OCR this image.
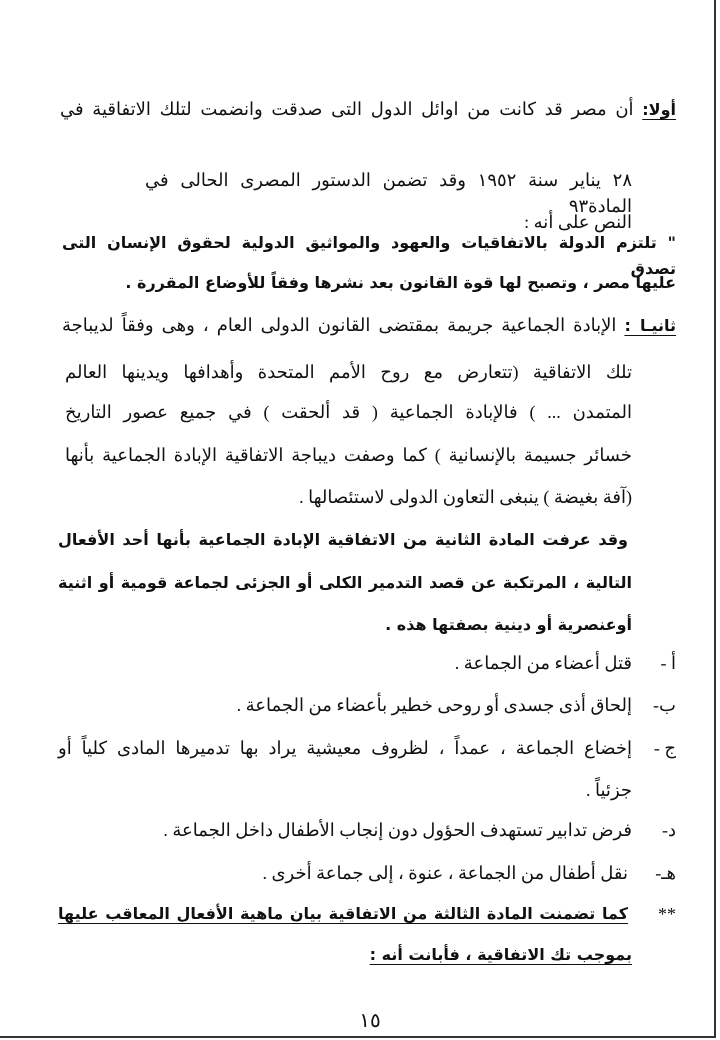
أولا: أن مصر قد كانت من اوائل الدول التى صدقت وانضمت لتلك الاتفاقية في
٢٨ يناير سنة ١٩٥٢ وقد تضمن الدستور المصرى الحالى في المادة٩٣
النص على أنه :
" تلتزم الدولة بالاتفاقيات والعهود والمواثيق الدولية لحقوق الإنسان التى تصدق
عليها مصر ، وتصبح لها قوة القانون بعد نشرها وفقاً للأوضاع المقررة .
ثانيـا : الإبادة الجماعية جريمة بمقتضى القانون الدولى العام ، وهى وفقاً لديباجة
تلك الاتفاقية (تتعارض مع روح الأمم المتحدة وأهدافها ويدينها العالم
المتمدن ... ) فالإبادة الجماعية ( قد ألحقت ) في جميع عصور التاريخ
خسائر جسيمة بالإنسانية ) كما وصفت ديباجة الاتفاقية الإبادة الجماعية بأنها
(آفة بغيضة ) ينبغى التعاون الدولى لاستئصالها .
وقد عرفت المادة الثانية من الاتفاقية الإبادة الجماعية بأنها أحد الأفعال
التالية ، المرتكبة عن قصد التدمير الكلى أو الجزئى لجماعة قومية أو اثنية
أوعنصرية أو دينية بصفتها هذه .
أ -
قتل أعضاء من الجماعة .
ب-
إلحاق أذى جسدى أو روحى خطير بأعضاء من الجماعة .
ج -
إخضاع الجماعة ، عمداً ، لظروف معيشية يراد بها تدميرها المادى كلياً أو
جزئياً .
د-
فرض تدابير تستهدف الحؤول دون إنجاب الأطفال داخل الجماعة .
هـ-
نقل أطفال من الجماعة ، عنوة ، إلى جماعة أخرى .
**
كما تضمنت المادة الثالثة من الاتفاقية بيان ماهية الأفعال المعاقب عليها
بموجب تك الاتفاقية ، فأبانت أنه :
١٥
